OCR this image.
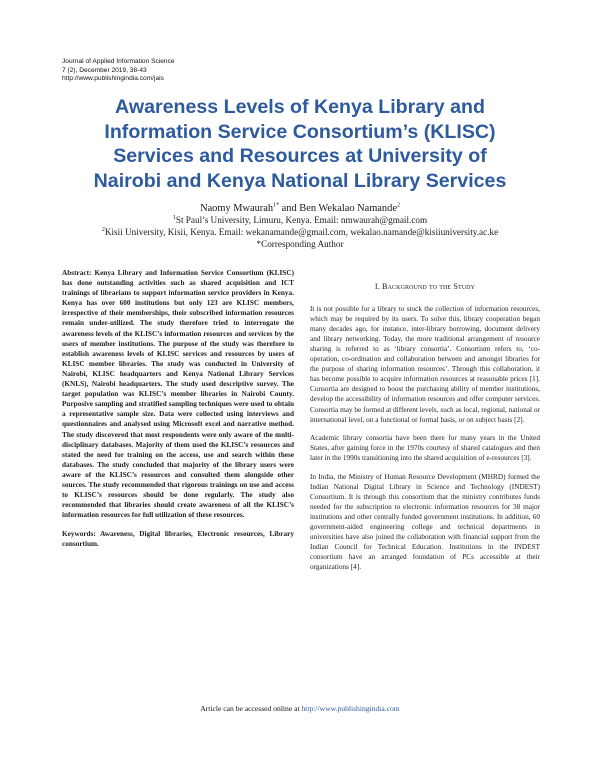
Journal of Applied Information Science
7 (2), December 2019, 38-43
http://www.publishingindia.com/jais
Awareness Levels of Kenya Library and
Information Service Consortium’s (KLISC)
Services and Resources at University of
Nairobi and Kenya National Library Services
Naomy Mwaurah$^{1*}$ and Ben Wekalao Namande$^2$
$^1$St Paul’s University, Limuru, Kenya. Email: nmwaurah@gmail.com
$^2$Kisii University, Kisii, Kenya. Email: wekanamande@gmail.com, wekalao.namande@kisiiuniversity.ac.ke
*Corresponding Author

Abstract: Kenya Library and Information Service Consortium (KLISC) has done outstanding activities such as shared acquisition and ICT trainings of librarians to support information service providers in Kenya. Kenya has over 600 institutions but only 123 are KLISC members, irrespective of their memberships, their subscribed information resources remain under-utilized. The study therefore tried to interrogate the awareness levels of the KLISC’s information resources and services by the users of member institutions. The purpose of the study was therefore to establish awareness levels of KLISC services and resources by users of KLISC member libraries. The study was conducted in University of Nairobi, KLISC headquarters and Kenya National Library Services (KNLS), Nairobi headquarters. The study used descriptive survey. The target population was KLISC’s member libraries in Nairobi County. Purposive sampling and stratified sampling techniques were used to obtain a representative sample size. Data were collected using interviews and questionnaires and analysed using Microsoft excel and narrative method. The study discovered that most respondents were only aware of the multi-disciplinary databases. Majority of them used the KLISC’s resources and stated the need for training on the access, use and search within these databases. The study concluded that majority of the library users were aware of the KLISC’s resources and consulted them alongside other sources. The study recommended that rigorous trainings on use and access to KLISC’s resources should be done regularly. The study also recommended that libraries should create awareness of all the KLISC’s information resources for full utilization of these resources.

Keywords: Awareness, Digital libraries, Electronic resources, Library consortium.

I. Background to the Study

It is not possible for a library to stock the collection of information resources, which may be required by its users. To solve this, library cooperation began many decades ago, for instance, inter-library borrowing, document delivery and library networking. Today, the more traditional arrangement of resource sharing is referred to as ‘library consortia’. Consortium refers to, ‘co-operation, co-ordination and collaboration between and amongst libraries for the purpose of sharing information resources’. Through this collaboration, it has become possible to acquire information resources at reasonable prices [1]. Consortia are designed to boost the purchasing ability of member institutions, develop the accessibility of information resources and offer computer services. Consortia may be formed at different levels, such as local, regional, national or international level, on a functional or formal basis, or on subject basis [2].

Academic library consortia have been there for many years in the United States, after gaining force in the 1970s courtesy of shared catalogues and then later in the 1990s transitioning into the shared acquisition of e-resources [3].

In India, the Ministry of Human Resource Development (MHRD) formed the Indian National Digital Library in Science and Technology (INDEST) Consortium. It is through this consortium that the ministry contributes funds needed for the subscription to electronic information resources for 38 major institutions and other centrally funded government institutions. In addition, 60 government-aided engineering college and technical departments in universities have also joined the collaboration with financial support from the Indian Council for Technical Education. Institutions in the INDEST consortium have an arranged foundation of PCs accessible at their organizations [4].

Article can be accessed online at http://www.publishingindia.com
